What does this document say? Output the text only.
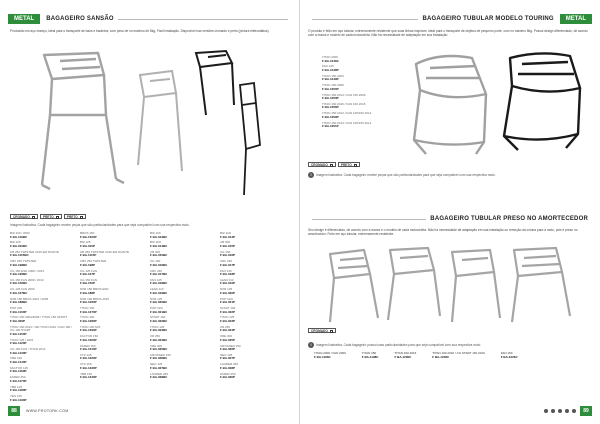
METAL	BAGAGEIRO SANSÃO
Produzido em aço maciço, ideal para o transporte de baús e bauletos, com peso de no máximo de 8kg. Fácil instalação. Disponível nas versões cromado e preto (pintura eletrostática).
CROMADO	PRETO	PRETO
Imagem ilustrativa. Cada bagageiro recebe peças que são particularidades para que seja compatível com sua respectiva moto.
BIZ 100 / 2000
F BA-110BC
BIZ 125
F BA-010BC
CB 250 TWISTER 2016 EM DIANTE
F BA-1115BC
CBX 250 TWISTER
F BA-198BC
CG 150 ESD 2009 / 2013
F BA-196BC
CG 150 FAN 2009 / 2013
F BA-150BC
CG 125 FAN 2000
F BA-107BC
NXR 150 BROS 2003 / 2005
F BA-188BC
POP 100
F BA-1100P
TITAN 150 2004/2008 / TITAN 150 SPORT
F BA-029P
TITAN 150 2014 / 160 TITAN 2016 / FAN 160 / CG 160 START
F BA-1150P
TITAN 125 / 2001
F BA-1120P
CG 150 FAN / TITAN 2014
F BA-1130P
XRE 190
F BA-1140P
FACTOR 125
F BA-1160P
FAZER 250
F BA-1170P
YBR 125
F BA-1180P
YES 125
F BA-1190P
BROS 150
F BA-1200P
BIZ 125
F BA-010P
CB 250 TWISTER 2016 EM DIANTE
F BA-1115P
CBX 250 TWISTER
F BA-198P
CG 125 FAN
F BA-107P
CG 150 FAN
F BA-150P
NXR 150 BROS ESD
F BA-188P
NXR 160 BROS 2015
F BA-1260P
TITAN 150
F BA-1270P
TITAN 160
F BA-1280P
TITAN 150 MIX
F BA-1290P
FACTOR 150
F BA-1300P
FAZER 150
F BA-1310P
XTZ 125
F BA-1320P
XTZ 150
F BA-1330P
YBR 150
F BA-1340P
BIZ 100
F BA-013BC
BIZ 110I
F BA-014BC
CB 300
F BA-015BC
CG 160
F BA-016BC
CRF 230
F BA-017BC
FAN 125
F BA-018BC
LEAD 110
F BA-019BC
NXR 125
F BA-020BC
POP 110I
F BA-021BC
START 160
F BA-022BC
TITAN 125
F BA-023BC
XR 250
F BA-024BC
XRE 300
F BA-025BC
CROSSER 150
F BA-026BC
NEO 125
F BA-027BC
LANDER 250
F BA-028BC
BIZ 110I
F BA-014P
CB 300
F BA-015P
CG 160
F BA-016P
CRF 230
F BA-017P
FAN 125
F BA-018P
LEAD 110
F BA-019P
NXR 125
F BA-020P
POP 110I
F BA-021P
START 160
F BA-022P
TITAN 125
F BA-023P
XR 250
F BA-024P
XRE 300
F BA-025P
CROSSER 150
F BA-026P
NEO 125
F BA-027P
LANDER 250
F BA-028P
FAZER 250
F BA-030P
88	WWW.PROTORK.COM
BAGAGEIRO TUBULAR MODELO TOURING	METAL
O produto é feito em aço tubular, extremamente resistente que suas linhas inspiram. Ideal para o transporte de objetos de pequeno porte, com no máximo 8kg. Possui design diferenciado, de acordo com a marca e modelo de cada motocicleta. Não há necessidade de adaptação em sua instalação.
TITAN 2000
F BA-1046C
FAN 125
F BA-1048P
TITAN 150 2004
F BA-1049P
TITAN 150 2009
F BA-1050P
TITAN 150 2014 / FAN 150 2009
F BA-1053P
TITAN 160 2016 / FAN 160 2016
F BA-1056P
TITAN 150 2014 / FAN 125/150 2014
F BA-1059P
TITAN 150 2014 / FAN 125/150 2014
F BA-1051P
CROMADO	PRETO
!	Imagem ilustrativa. Cada bagageiro recebe peças que são particularidades para que seja compatível com sua respectiva moto.
BAGAGEIRO TUBULAR PRESO NO AMORTECEDOR
Seu design é diferenciado, de acordo com a marca e o modelo de cada motocicleta. Não há necessidade de adaptação em sua instalação ou remoção da coluna para a moto, pois é preso no amortecedor. Feito em aço tubular, extremamente resistente.
CROMADO
!	Imagem ilustrativa. Cada bagageiro possui suas particularidades para que seja compatível com sua respectiva moto.
TITAN 2000 / FAN 2009
F BA-1196C
TITAN 150
F BA-1198C
TITAN 160 2016
F BA-1200C
TITAN 160 2016 / CG START 160 2016
F BA-1218C
FAN 160
F BA-1226C
89
